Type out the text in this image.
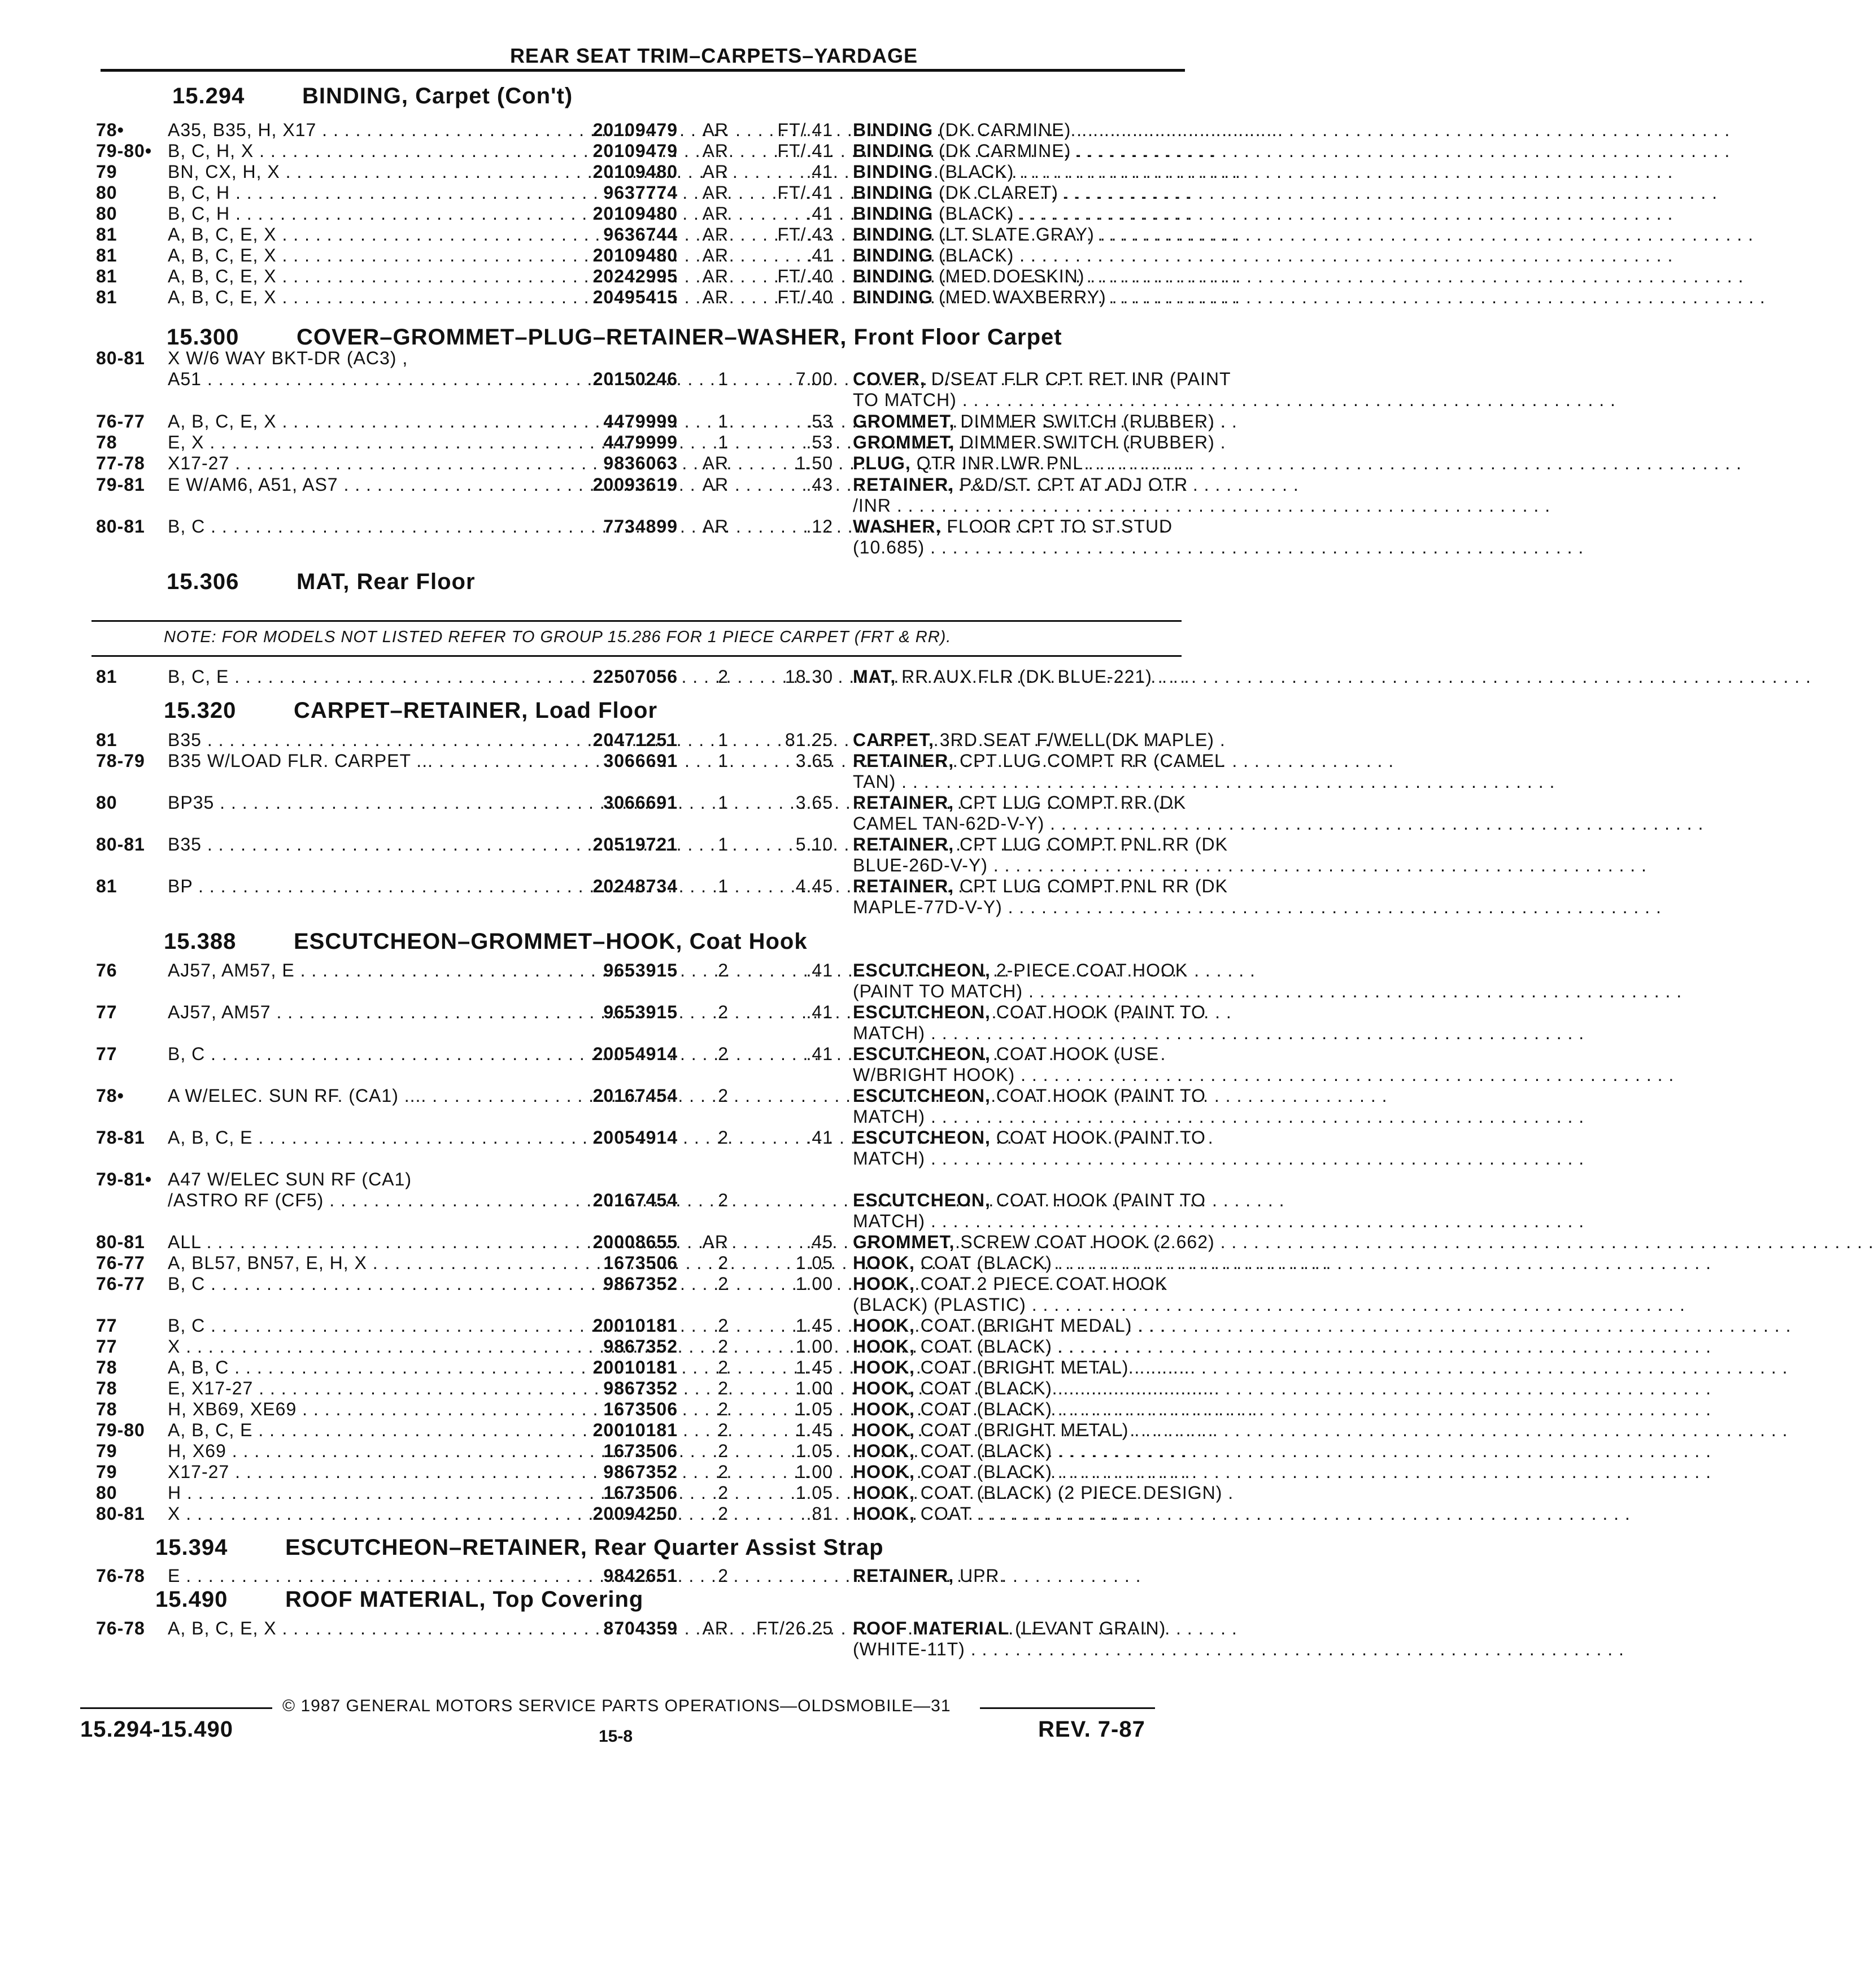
REAR SEAT TRIM–CARPETS–YARDAGE
15.294	BINDING, Carpet (Con't)
15.300	COVER–GROMMET–PLUG–RETAINER–WASHER, Front Floor Carpet
15.306	MAT, Rear Floor
15.320	CARPET–RETAINER, Load Floor
15.388	ESCUTCHEON–GROMMET–HOOK, Coat Hook
15.394	ESCUTCHEON–RETAINER, Rear Quarter Assist Strap
15.490	ROOF MATERIAL, Top Covering
78• A35, B35, H, X17 . . .	20109479	AR	FT/.41 BINDING (DK CARMINE) . . .
79-80• B, C, H, X . . .	20109479	AR	FT/.41 BINDING (DK CARMINE) . . .
79	BN, CX, H, X . . .	20109480	AR	.41 BINDING (BLACK) . . .
80	B, C, H . . .	9637774	AR	FT/.41 BINDING (DK CLARET) . . .
80	B, C, H . . .	20109480	AR	.41 BINDING (BLACK) . . .
81	A, B, C, E, X . . .	9636744	AR	FT/.43 BINDING (LT SLATE GRAY) . . .
81	A, B, C, E, X . . .	20109480	AR	.41 BINDING (BLACK) . . .
81	A, B, C, E, X . . .	20242995	AR	FT/.40 BINDING (MED DOESKIN) . . .
81	A, B, C, E, X . . .	20495415	AR	FT/.40 BINDING (MED WAXBERRY) . . .
80-81 X W/6 WAY BKT-DR (AC3) ,
A51 . . .	20150246	1	7.00 COVER, D/SEAT FLR CPT RET INR (PAINT
TO MATCH) . . .
76-77 A, B, C, E, X . . .	4479999	1	.53 GROMMET, DIMMER SWITCH (RUBBER) .
78	E, X . . .	4479999	1	.53 GROMMET, DIMMER SWITCH (RUBBER) .
77-78 X17-27 . . .	9836063	AR	1.50 PLUG, QTR INR LWR PNL . . .
79-81 E W/AM6, A51, AS7 . . .	20093619	AR	.43 RETAINER, P&D/ST. CPT AT ADJ OTR
/INR . . .
80-81 B, C . . .	7734899	AR	.12 WASHER, FLOOR CPT TO ST STUD
(10.685) . . .
81	B, C, E . . .	22507056	2	18.30 MAT, RR AUX FLR (DK BLUE-221) . . .
81	B35 . . .	20471251	1	81.25 CARPET, 3RD SEAT F/WELL(DK MAPLE) .
78-79 B35 W/LOAD FLR. CARPET ... . . .	3066691	1	3.65 RETAINER, CPT LUG COMPT RR (CAMEL
TAN) . . .
80	BP35 . . .	3066691	1	3.65 RETAINER, CPT LUG COMPT RR (DK
CAMEL TAN-62D-V-Y) . . .
80-81 B35 . . .	20519721	1	5.10 RETAINER, CPT LUG COMPT PNL RR (DK
BLUE-26D-V-Y) . . .
81	BP . . .	20248734	1	4.45 RETAINER, CPT LUG COMPT PNL RR (DK
MAPLE-77D-V-Y) . . .
76	AJ57, AM57, E . . .	9653915	2	.41 ESCUTCHEON, 2-PIECE COAT HOOK
(PAINT TO MATCH) . . .
77	AJ57, AM57 . . .	9653915	2	.41 ESCUTCHEON, COAT HOOK (PAINT TO
MATCH) . . .
77	B, C . . .	20054914	2	.41 ESCUTCHEON, COAT HOOK (USE
W/BRIGHT HOOK) . . .
78• A W/ELEC. SUN RF. (CA1) .... . . .	20167454	2	ESCUTCHEON, COAT HOOK (PAINT TO
MATCH) . . .
78-81 A, B, C, E . . .	20054914	2	.41 ESCUTCHEON, COAT HOOK (PAINT TO
MATCH) . . .
79-81• A47 W/ELEC SUN RF (CA1)
/ASTRO RF (CF5) . . .	20167454	2	ESCUTCHEON, COAT HOOK (PAINT TO
MATCH) . . .
80-81 ALL . . .	20008655	AR	.45 GROMMET, SCREW COAT HOOK (2.662) . . .
76-77 A, BL57, BN57, E, H, X . . .	1673506	2	1.05 HOOK, COAT (BLACK) . . .
76-77 B, C . . .	9867352	2	1.00 HOOK, COAT 2 PIECE COAT HOOK
(BLACK) (PLASTIC) . . .
77	B, C . . .	20010181	2	1.45 HOOK, COAT (BRIGHT MEDAL) . . .
77	X . . .	9867352	2	1.00 HOOK, COAT (BLACK) . . .
78	A, B, C . . .	20010181	2	1.45 HOOK, COAT (BRIGHT METAL) . . .
78	E, X17-27 . . .	9867352	2	1.00 HOOK, COAT (BLACK) . . .
78	H, XB69, XE69 . . .	1673506	2	1.05 HOOK, COAT (BLACK) . . .
79-80 A, B, C, E . . .	20010181	2	1.45 HOOK, COAT (BRIGHT METAL) . . .
79	H, X69 . . .	1673506	2	1.05 HOOK, COAT (BLACK) . . .
79	X17-27 . . .	9867352	2	1.00 HOOK, COAT (BLACK) . . .
80	H . . .	1673506	2	1.05 HOOK, COAT (BLACK) (2 PIECE DESIGN) .
80-81 X . . .	20094250	2	.81 HOOK, COAT . . .
76-78 E . . .	9842651	2	RETAINER, UPR.
76-78 A, B, C, E, X . . .	8704359	AR	FT/26.25 ROOF MATERIAL (LEVANT GRAIN)
(WHITE-11T) . . .
NOTE: FOR MODELS NOT LISTED REFER TO GROUP 15.286 FOR 1 PIECE CARPET (FRT & RR).
© 1987 GENERAL MOTORS SERVICE PARTS OPERATIONS—OLDSMOBILE—31
15.294-15.490	15-8	REV. 7-87
